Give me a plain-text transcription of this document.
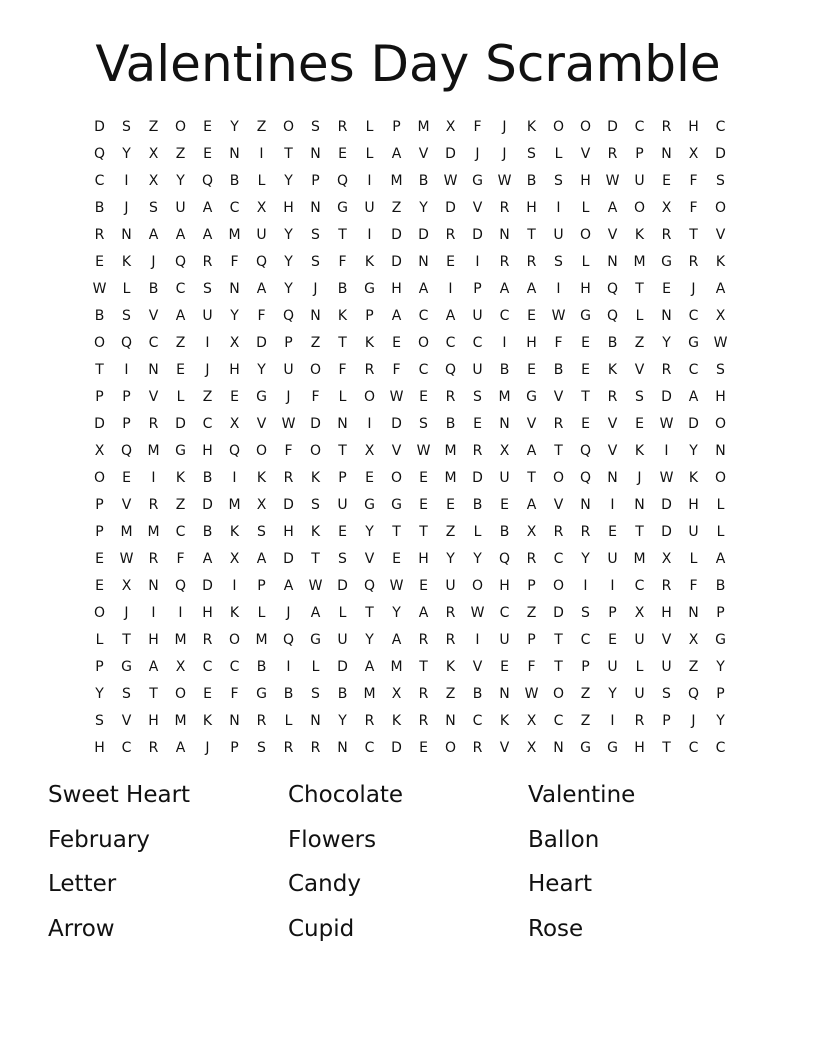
Valentines Day Scramble
D	S	Z	O	E	Y	Z	O	S	R	L	P	M	X	F	J	K	O	O	D	C	R	H	C
Q	Y	X	Z	E	N	I	T	N	E	L	A	V	D	J	J	S	L	V	R	P	N	X	D
C	I	X	Y	Q	B	L	Y	P	Q	I	M	B	W	G	W	B	S	H	W	U	E	F	S
B	J	S	U	A	C	X	H	N	G	U	Z	Y	D	V	R	H	I	L	A	O	X	F	O
R	N	A	A	A	M	U	Y	S	T	I	D	D	R	D	N	T	U	O	V	K	R	T	V
E	K	J	Q	R	F	Q	Y	S	F	K	D	N	E	I	R	R	S	L	N	M	G	R	K
W	L	B	C	S	N	A	Y	J	B	G	H	A	I	P	A	A	I	H	Q	T	E	J	A
B	S	V	A	U	Y	F	Q	N	K	P	A	C	A	U	C	E	W	G	Q	L	N	C	X
O	Q	C	Z	I	X	D	P	Z	T	K	E	O	C	C	I	H	F	E	B	Z	Y	G	W
T	I	N	E	J	H	Y	U	O	F	R	F	C	Q	U	B	E	B	E	K	V	R	C	S
P	P	V	L	Z	E	G	J	F	L	O	W	E	R	S	M	G	V	T	R	S	D	A	H
D	P	R	D	C	X	V	W	D	N	I	D	S	B	E	N	V	R	E	V	E	W	D	O
X	Q	M	G	H	Q	O	F	O	T	X	V	W	M	R	X	A	T	Q	V	K	I	Y	N
O	E	I	K	B	I	K	R	K	P	E	O	E	M	D	U	T	O	Q	N	J	W	K	O
P	V	R	Z	D	M	X	D	S	U	G	G	E	E	B	E	A	V	N	I	N	D	H	L
P	M	M	C	B	K	S	H	K	E	Y	T	T	Z	L	B	X	R	R	E	T	D	U	L
E	W	R	F	A	X	A	D	T	S	V	E	H	Y	Y	Q	R	C	Y	U	M	X	L	A
E	X	N	Q	D	I	P	A	W	D	Q	W	E	U	O	H	P	O	I	I	C	R	F	B
O	J	I	I	H	K	L	J	A	L	T	Y	A	R	W	C	Z	D	S	P	X	H	N	P
L	T	H	M	R	O	M	Q	G	U	Y	A	R	R	I	U	P	T	C	E	U	V	X	G
P	G	A	X	C	C	B	I	L	D	A	M	T	K	V	E	F	T	P	U	L	U	Z	Y
Y	S	T	O	E	F	G	B	S	B	M	X	R	Z	B	N	W	O	Z	Y	U	S	Q	P
S	V	H	M	K	N	R	L	N	Y	R	K	R	N	C	K	X	C	Z	I	R	P	J	Y
H	C	R	A	J	P	S	R	R	N	C	D	E	O	R	V	X	N	G	G	H	T	C	C
Sweet Heart	Chocolate	Valentine
February	Flowers	Ballon
Letter	Candy	Heart
Arrow	Cupid	Rose
